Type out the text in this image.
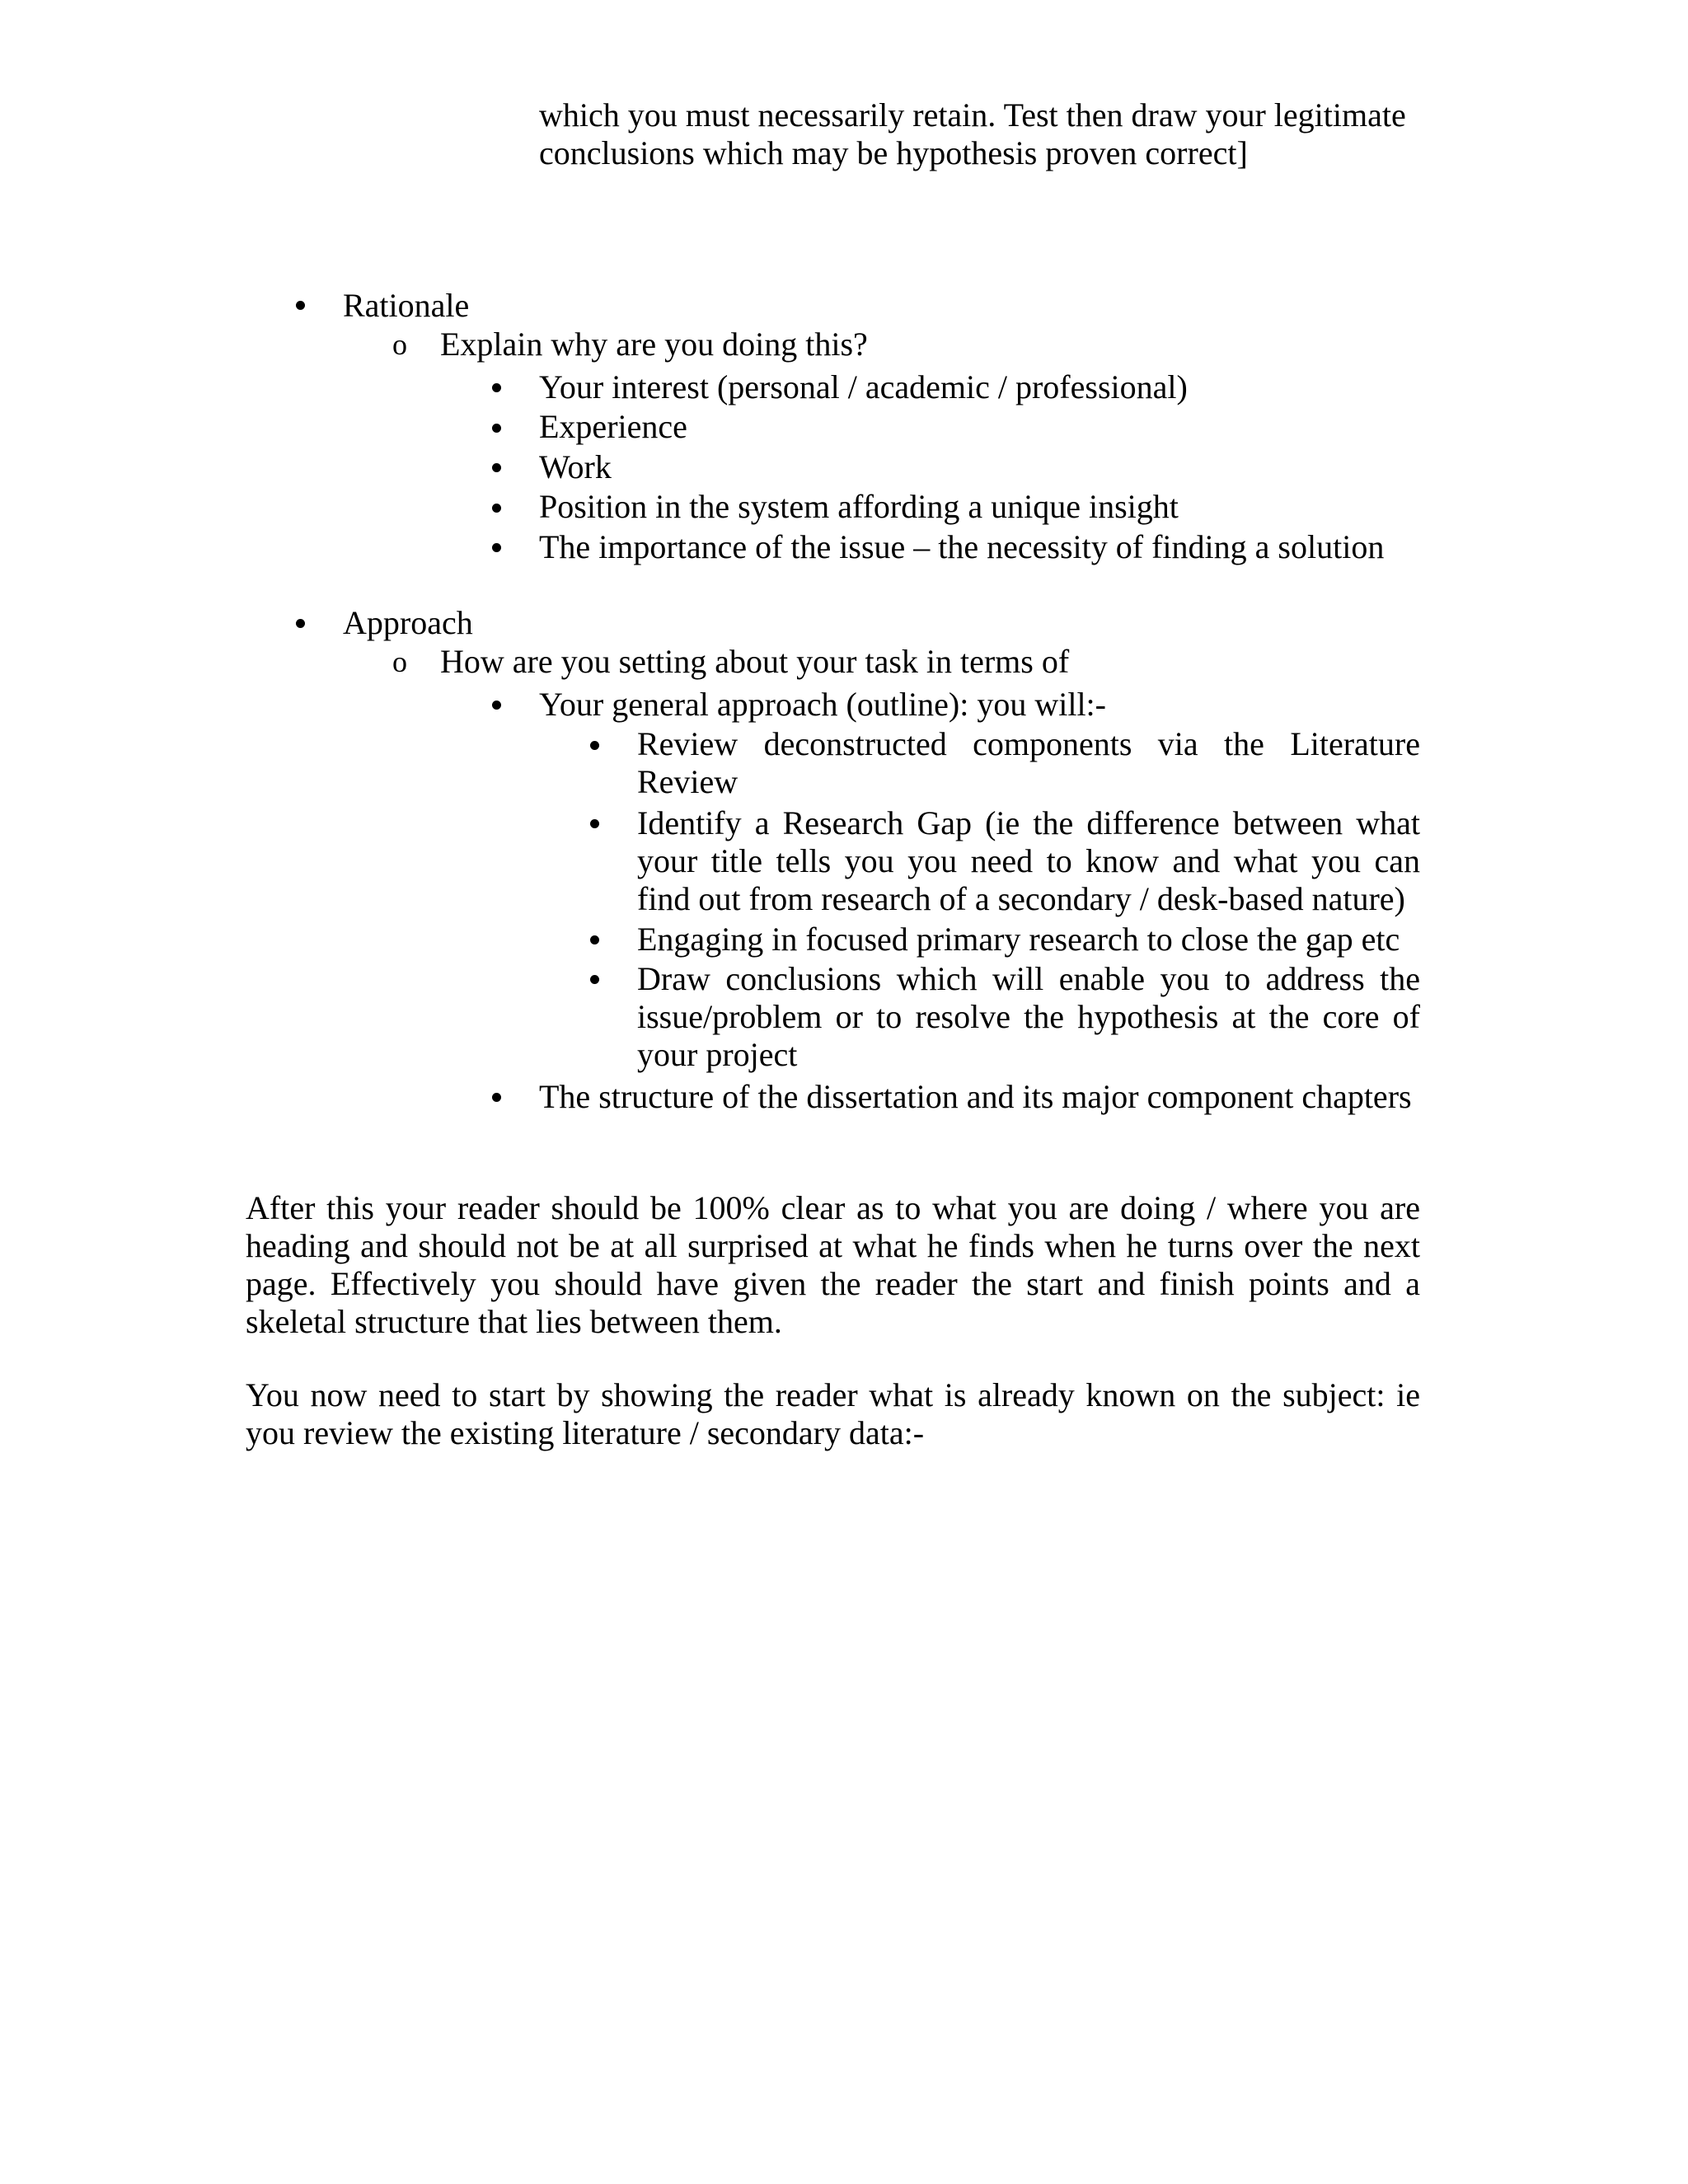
which you must necessarily retain. Test then draw your legitimate
conclusions which may be hypothesis proven correct]
Rationale
o Explain why are you doing this?
Your interest (personal / academic / professional)
Experience
Work
Position in the system affording a unique insight
The importance of the issue – the necessity of finding a solution
Approach
o How are you setting about your task in terms of
Your general approach (outline): you will:-
Review deconstructed components via the Literature Review
Identify a Research Gap (ie the difference between what your title tells you you need to know and what you can find out from research of a secondary / desk-based nature)
Engaging in focused primary research to close the gap etc
Draw conclusions which will enable you to address the issue/problem or to resolve the hypothesis at the core of your project
The structure of the dissertation and its major component chapters
After this your reader should be 100% clear as to what you are doing / where you are heading and should not be at all surprised at what he finds when he turns over the next page. Effectively you should have given the reader the start and finish points and a skeletal structure that lies between them.
You now need to start by showing the reader what is already known on the subject: ie you review the existing literature / secondary data:-
